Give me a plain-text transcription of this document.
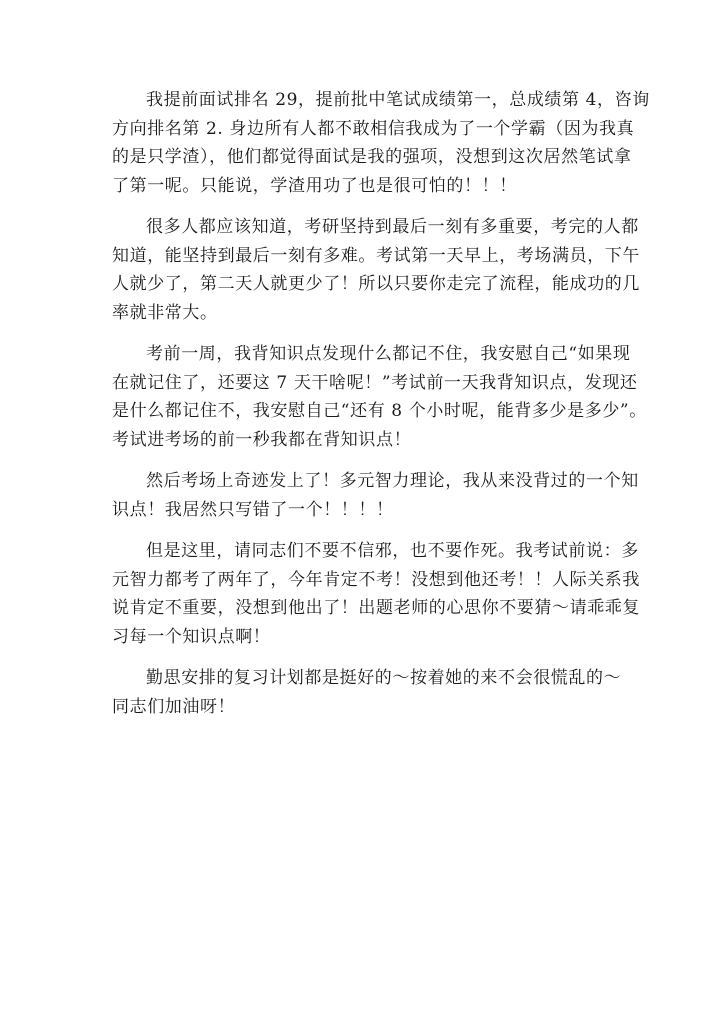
我提前面试排名 29，提前批中笔试成绩第一，总成绩第 4，咨询
方向排名第 2. 身边所有人都不敢相信我成为了一个学霸（因为我真
的是只学渣），他们都觉得面试是我的强项，没想到这次居然笔试拿
了第一呢。只能说，学渣用功了也是很可怕的！！！

很多人都应该知道，考研坚持到最后一刻有多重要，考完的人都
知道，能坚持到最后一刻有多难。考试第一天早上，考场满员，下午
人就少了，第二天人就更少了！所以只要你走完了流程，能成功的几
率就非常大。

考前一周，我背知识点发现什么都记不住，我安慰自己“如果现
在就记住了，还要这 7 天干啥呢！”考试前一天我背知识点，发现还
是什么都记住不，我安慰自己“还有 8 个小时呢，能背多少是多少”。
考试进考场的前一秒我都在背知识点！

然后考场上奇迹发上了！多元智力理论，我从来没背过的一个知
识点！我居然只写错了一个！！！！

但是这里，请同志们不要不信邪，也不要作死。我考试前说：多
元智力都考了两年了，今年肯定不考！没想到他还考！！人际关系我
说肯定不重要，没想到他出了！出题老师的心思你不要猜～请乖乖复
习每一个知识点啊！

勤思安排的复习计划都是挺好的～按着她的来不会很慌乱的～
同志们加油呀！
